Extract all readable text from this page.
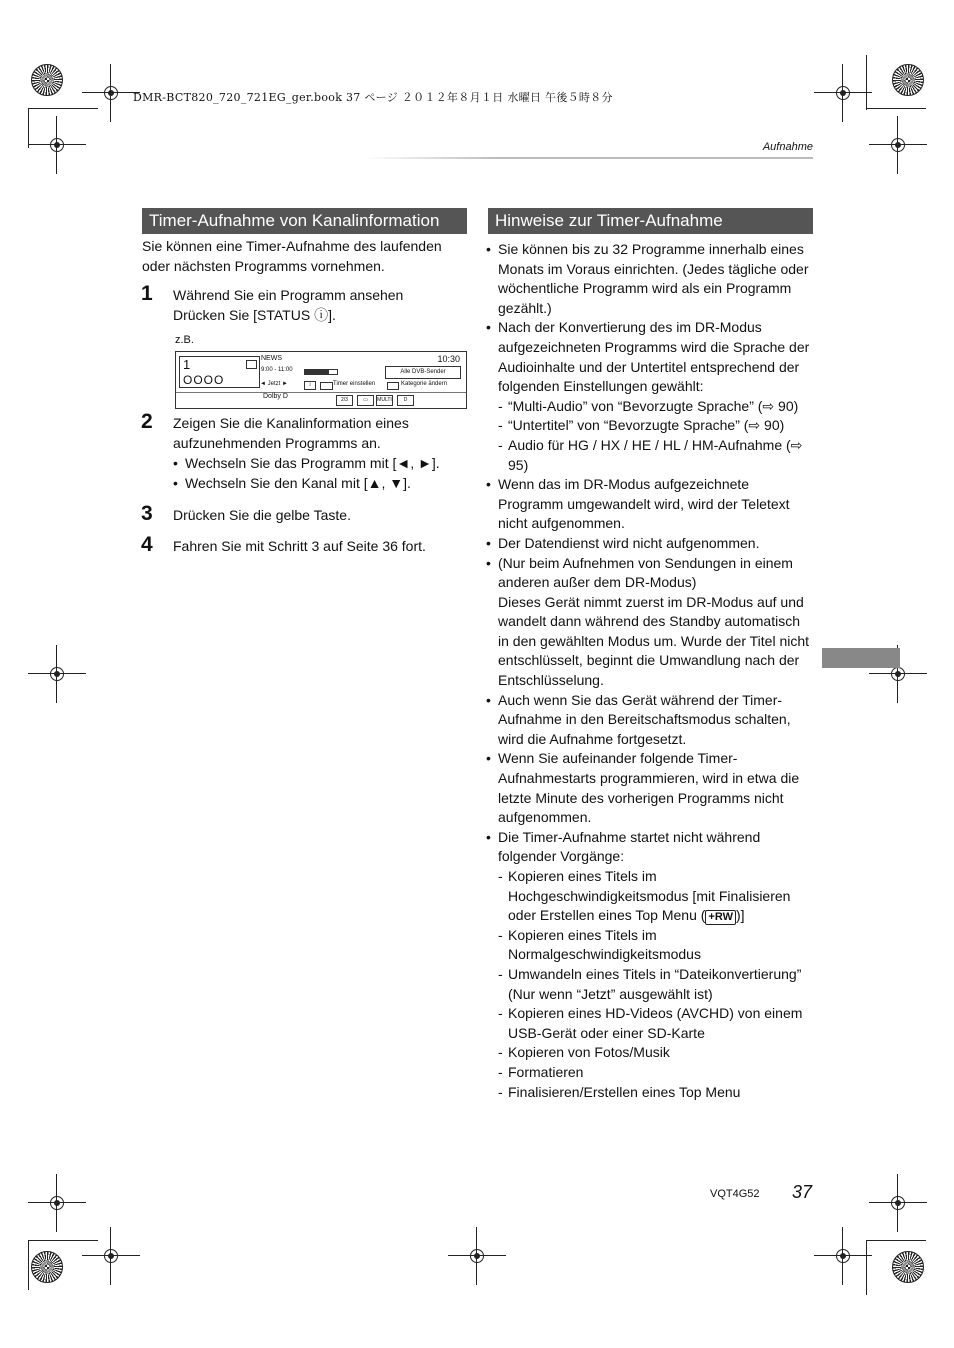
DMR-BCT820_720_721EG_ger.book 37 ページ ２０１２年８月１日 水曜日 午後５時８分
Aufnahme
Timer-Aufnahme von Kanalinformation
Sie können eine Timer-Aufnahme des laufenden oder nächsten Programms vornehmen.
1 Während Sie ein Programm ansehen Drücken Sie [STATUS ⓘ].
z.B.
1
OOOO
NEWS	10:30
9:00 - 11:00	Alle DVB-Sender
◄ Jetzt ►	i	Timer einstellen	Kategorie ändern
Dolby D	2/3	▭	MULTI	D
2 Zeigen Sie die Kanalinformation eines aufzunehmenden Programms an.
• Wechseln Sie das Programm mit [◄, ►].
• Wechseln Sie den Kanal mit [▲, ▼].
3 Drücken Sie die gelbe Taste.
4 Fahren Sie mit Schritt 3 auf Seite 36 fort.
Hinweise zur Timer-Aufnahme
• Sie können bis zu 32 Programme innerhalb eines Monats im Voraus einrichten. (Jedes tägliche oder wöchentliche Programm wird als ein Programm gezählt.)
• Nach der Konvertierung des im DR-Modus aufgezeichneten Programms wird die Sprache der Audioinhalte und der Untertitel entsprechend der folgenden Einstellungen gewählt:
- “Multi-Audio” von “Bevorzugte Sprache” (⇨ 90)
- “Untertitel” von “Bevorzugte Sprache” (⇨ 90)
- Audio für HG / HX / HE / HL / HM-Aufnahme (⇨ 95)
• Wenn das im DR-Modus aufgezeichnete Programm umgewandelt wird, wird der Teletext nicht aufgenommen.
• Der Datendienst wird nicht aufgenommen.
• (Nur beim Aufnehmen von Sendungen in einem anderen außer dem DR-Modus)
Dieses Gerät nimmt zuerst im DR-Modus auf und wandelt dann während des Standby automatisch in den gewählten Modus um. Wurde der Titel nicht entschlüsselt, beginnt die Umwandlung nach der Entschlüsselung.
• Auch wenn Sie das Gerät während der Timer-Aufnahme in den Bereitschaftsmodus schalten, wird die Aufnahme fortgesetzt.
• Wenn Sie aufeinander folgende Timer-Aufnahmestarts programmieren, wird in etwa die letzte Minute des vorherigen Programms nicht aufgenommen.
• Die Timer-Aufnahme startet nicht während folgender Vorgänge:
- Kopieren eines Titels im Hochgeschwindigkeitsmodus [mit Finalisieren oder Erstellen eines Top Menu ( +RW )]
- Kopieren eines Titels im Normalgeschwindigkeitsmodus
- Umwandeln eines Titels in “Dateikonvertierung” (Nur wenn “Jetzt” ausgewählt ist)
- Kopieren eines HD-Videos (AVCHD) von einem USB-Gerät oder einer SD-Karte
- Kopieren von Fotos/Musik
- Formatieren
- Finalisieren/Erstellen eines Top Menu
VQT4G52 37
